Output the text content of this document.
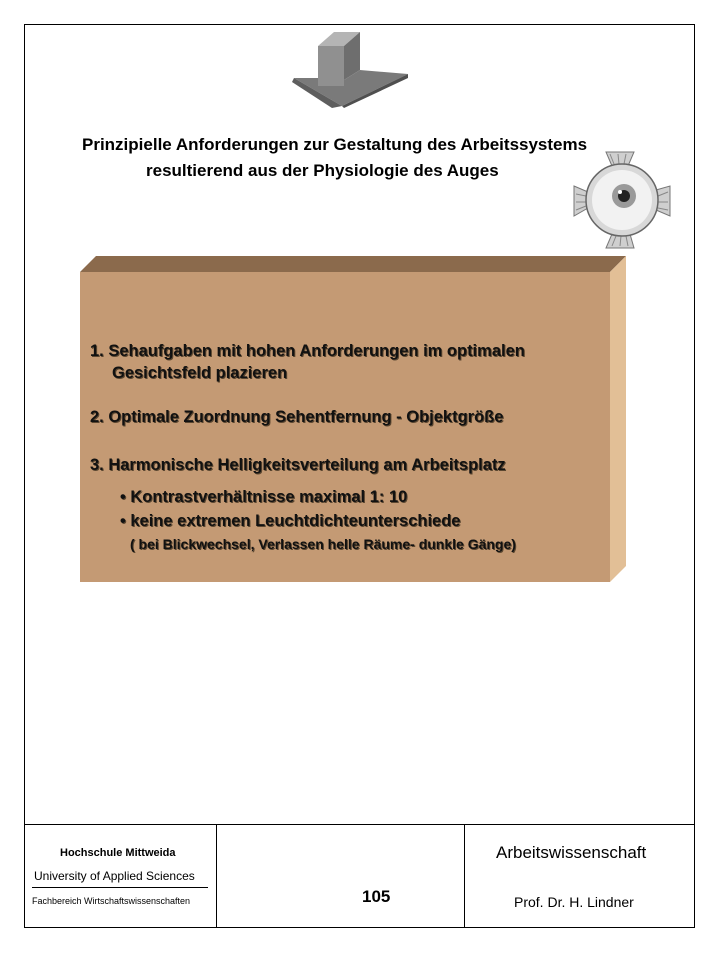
Prinzipielle Anforderungen zur Gestaltung des Arbeitssystems
resultierend aus der Physiologie des Auges
1. Sehaufgaben mit hohen Anforderungen im optimalen
Gesichtsfeld plazieren
2. Optimale Zuordnung Sehentfernung - Objektgröße
3. Harmonische Helligkeitsverteilung am Arbeitsplatz
• Kontrastverhältnisse maximal 1: 10
• keine extremen Leuchtdichteunterschiede
( bei Blickwechsel, Verlassen helle Räume- dunkle Gänge)
Hochschule Mittweida
University of Applied Sciences
Fachbereich Wirtschaftswissenschaften	105
Arbeitswissenschaft
Prof. Dr. H. Lindner
